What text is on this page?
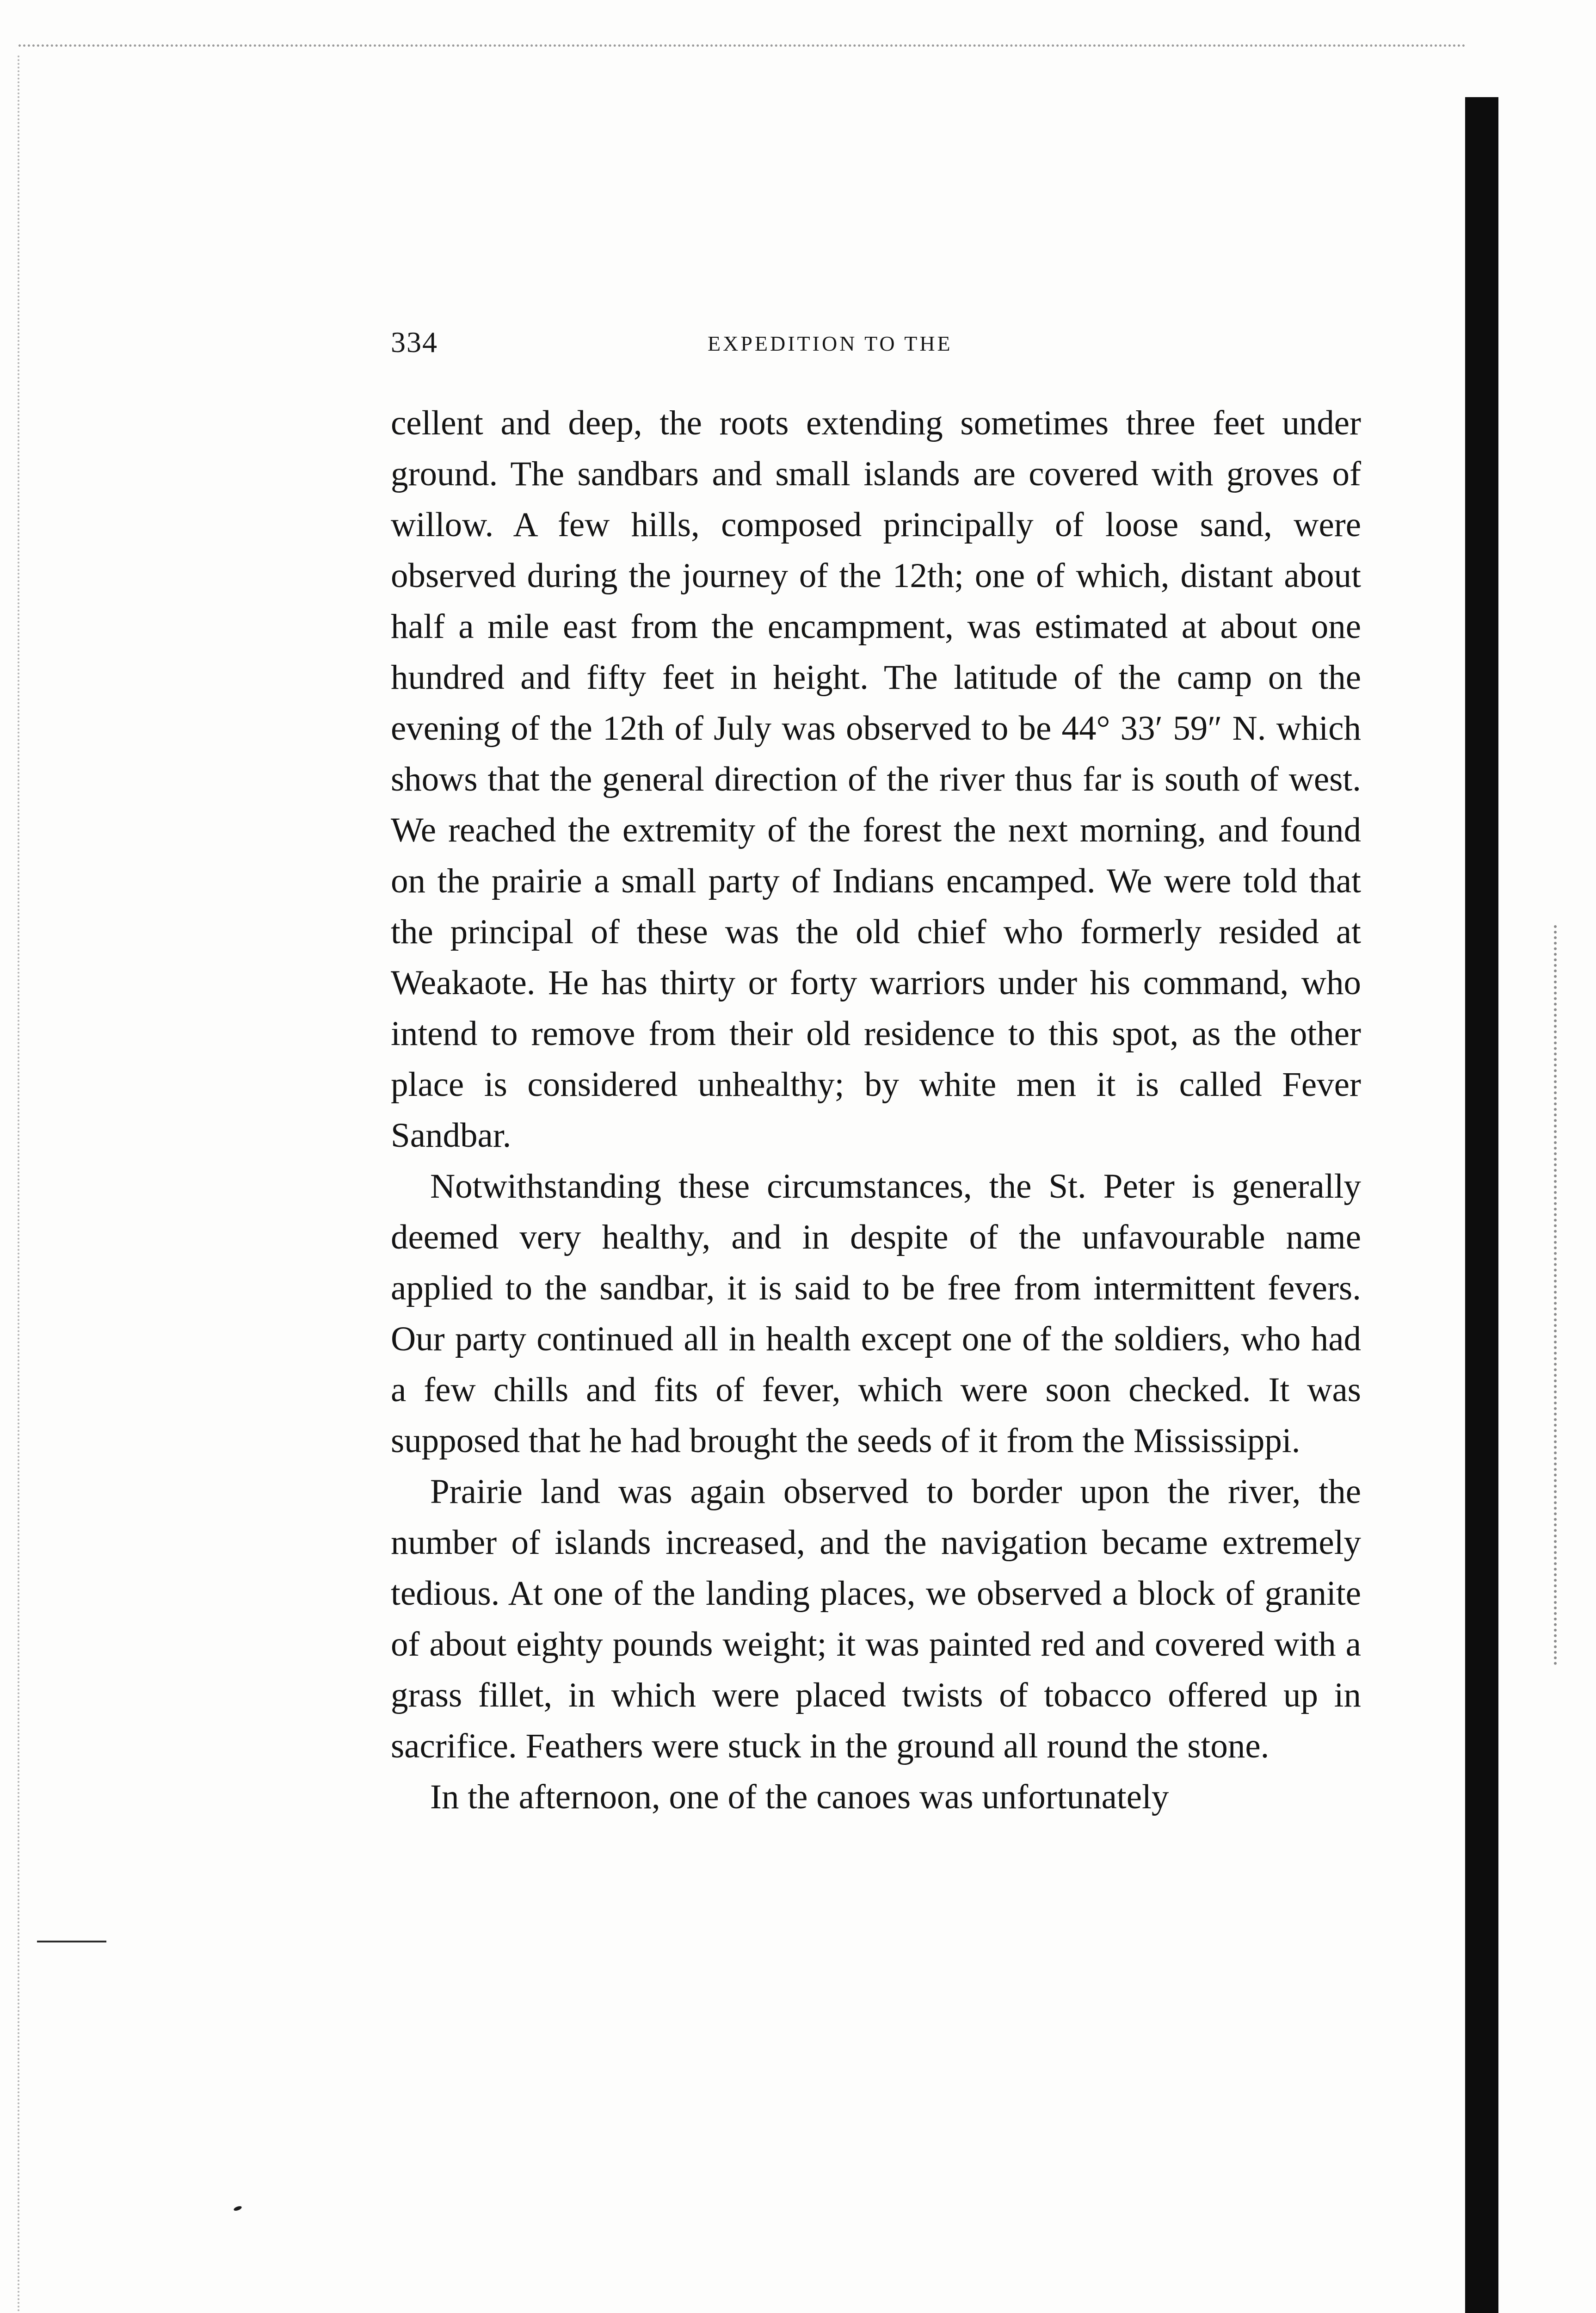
334	EXPEDITION TO THE

cellent and deep, the roots extending sometimes three feet under ground. The sandbars and small islands are covered with groves of willow. A few hills, composed principally of loose sand, were observed during the journey of the 12th; one of which, distant about half a mile east from the encampment, was estimated at about one hundred and fifty feet in height. The latitude of the camp on the evening of the 12th of July was observed to be 44° 33′ 59″ N. which shows that the general direction of the river thus far is south of west. We reached the extremity of the forest the next morning, and found on the prairie a small party of Indians encamped. We were told that the principal of these was the old chief who formerly resided at Weakaote. He has thirty or forty warriors under his command, who intend to remove from their old residence to this spot, as the other place is considered unhealthy; by white men it is called Fever Sandbar.

Notwithstanding these circumstances, the St. Peter is generally deemed very healthy, and in despite of the unfavourable name applied to the sandbar, it is said to be free from intermittent fevers. Our party continued all in health except one of the soldiers, who had a few chills and fits of fever, which were soon checked. It was supposed that he had brought the seeds of it from the Mississippi.

Prairie land was again observed to border upon the river, the number of islands increased, and the navigation became extremely tedious. At one of the landing places, we observed a block of granite of about eighty pounds weight; it was painted red and covered with a grass fillet, in which were placed twists of tobacco offered up in sacrifice. Feathers were stuck in the ground all round the stone.

In the afternoon, one of the canoes was unfortunately
